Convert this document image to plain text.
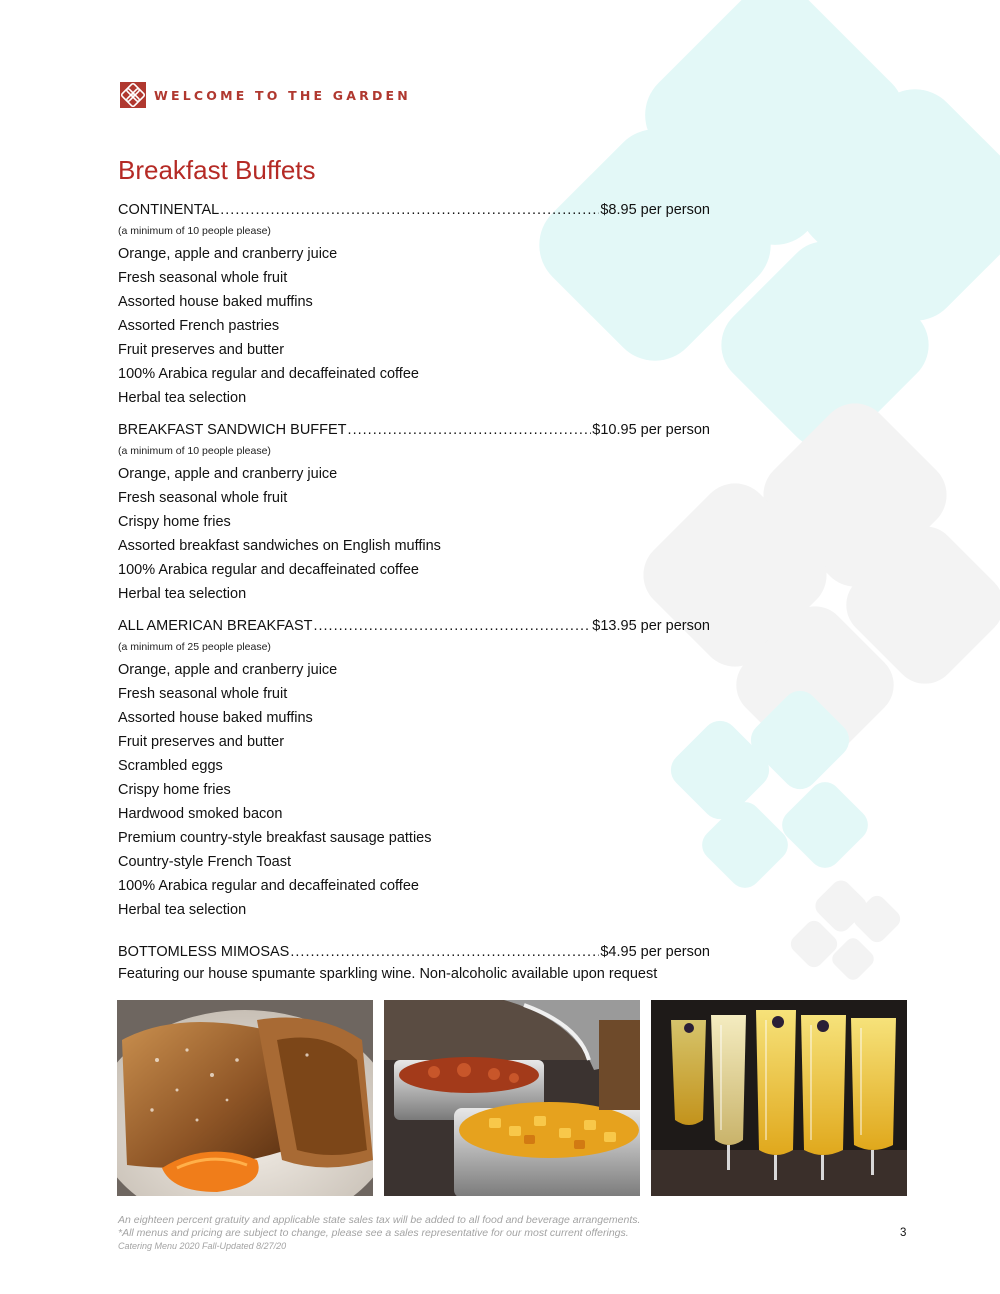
WELCOME TO THE GARDEN
Breakfast Buffets
CONTINENTAL .....	$8.95 per person
(a minimum of 10 people please)
Orange, apple and cranberry juice
Fresh seasonal whole fruit
Assorted house baked muffins
Assorted French pastries
Fruit preserves and butter
100% Arabica regular and decaffeinated coffee
Herbal tea selection
BREAKFAST SANDWICH BUFFET .....	$10.95 per person
(a minimum of 10 people please)
Orange, apple and cranberry juice
Fresh seasonal whole fruit
Crispy home fries
Assorted breakfast sandwiches on English muffins
100% Arabica regular and decaffeinated coffee
Herbal tea selection
ALL AMERICAN BREAKFAST .....	$13.95 per person
(a minimum of 25 people please)
Orange, apple and cranberry juice
Fresh seasonal whole fruit
Assorted house baked muffins
Fruit preserves and butter
Scrambled eggs
Crispy home fries
Hardwood smoked bacon
Premium country-style breakfast sausage patties
Country-style French Toast
100% Arabica regular and decaffeinated coffee
Herbal tea selection
BOTTOMLESS MIMOSAS .....	$4.95 per person
Featuring our house spumante sparkling wine. Non-alcoholic available upon request
An eighteen percent gratuity and applicable state sales tax will be added to all food and beverage arrangements.
*All menus and pricing are subject to change, please see a sales representative for our most current offerings.
Catering Menu 2020 Fall-Updated 8/27/20
3
